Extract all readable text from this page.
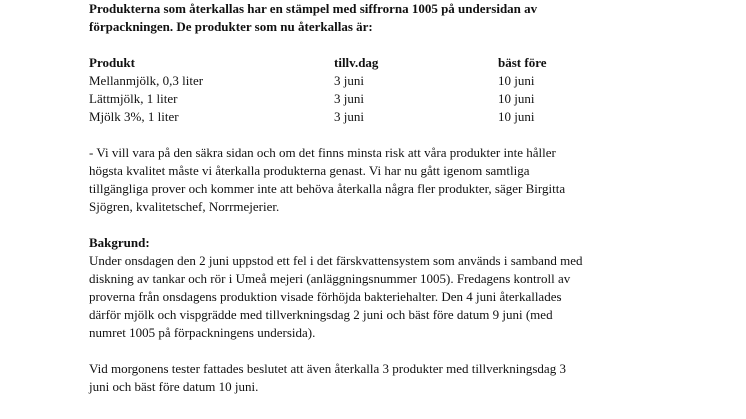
Produkterna som återkallas har en stämpel med siffrorna 1005 på undersidan av
förpackningen. De produkter som nu återkallas är:

Produkt	tillv.dag	bäst före
Mellanmjölk, 0,3 liter	3 juni	10 juni
Lättmjölk, 1 liter	3 juni	10 juni
Mjölk 3%, 1 liter	3 juni	10 juni

- Vi vill vara på den säkra sidan och om det finns minsta risk att våra produkter inte håller
högsta kvalitet måste vi återkalla produkterna genast. Vi har nu gått igenom samtliga
tillgängliga prover och kommer inte att behöva återkalla några fler produkter, säger Birgitta
Sjögren, kvalitetschef, Norrmejerier.

Bakgrund:

Under onsdagen den 2 juni uppstod ett fel i det färskvattensystem som används i samband med
diskning av tankar och rör i Umeå mejeri (anläggningsnummer 1005). Fredagens kontroll av
proverna från onsdagens produktion visade förhöjda bakteriehalter. Den 4 juni återkallades
därför mjölk och vispgrädde med tillverkningsdag 2 juni och bäst före datum 9 juni (med
numret 1005 på förpackningens undersida).

Vid morgonens tester fattades beslutet att även återkalla 3 produkter med tillverkningsdag 3
juni och bäst före datum 10 juni.
